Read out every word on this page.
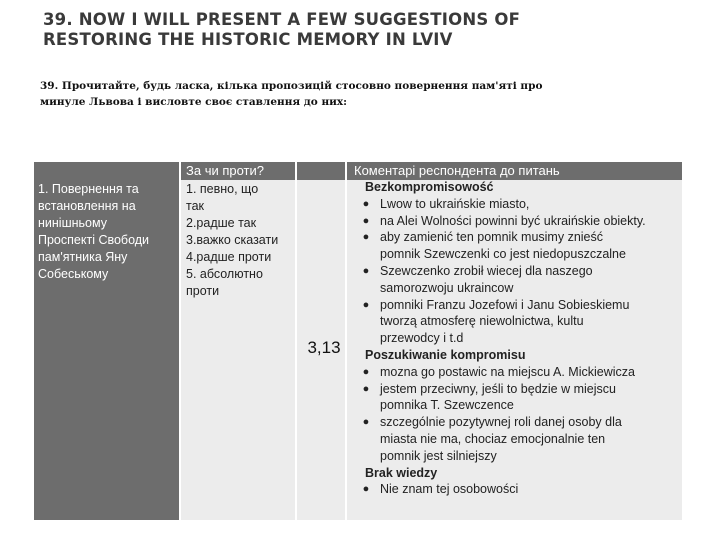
39. NOW I WILL PRESENT A FEW SUGGESTIONS OF RESTORING THE HISTORIC MEMORY IN LVIV

39. Прочитайте, будь ласка, кілька пропозицій стосовно повернення пам'яті про минуле Львова і висловте своє ставлення до них:

За чи проти?	Коментарі респондента до питань
1. Повернення та
встановлення на
нинішньому
Проспекті Свободи
пам'ятника Яну
Собеському
1. певно, що
так
2.радше так
3.важко сказати
4.радше проти
5. абсолютно
проти
3,13
Bezkompromisowość
● Lwow to ukraińskie miasto,
● na Alei Wolności powinni być ukraińskie obiekty.
● aby zamienić ten pomnik musimy znieść
pomnik Szewczenki co jest niedopuszczalne
● Szewczenko zrobił wiecej dla naszego
samorozwoju ukraincow
● pomniki Franzu Jozefowi i Janu Sobieskiemu
tworzą atmosferę niewolnictwa, kultu
przewodcy i t.d
Poszukiwanie kompromisu
● mozna go postawic na miejscu A. Mickiewicza
● jestem przeciwny, jeśli to będzie w miejscu
pomnika T. Szewczence
● szczególnie pozytywnej roli danej osoby dla
miasta nie ma, chociaz emocjonalnie ten
pomnik jest silniejszy
Brak wiedzy
● Nie znam tej osobowości
